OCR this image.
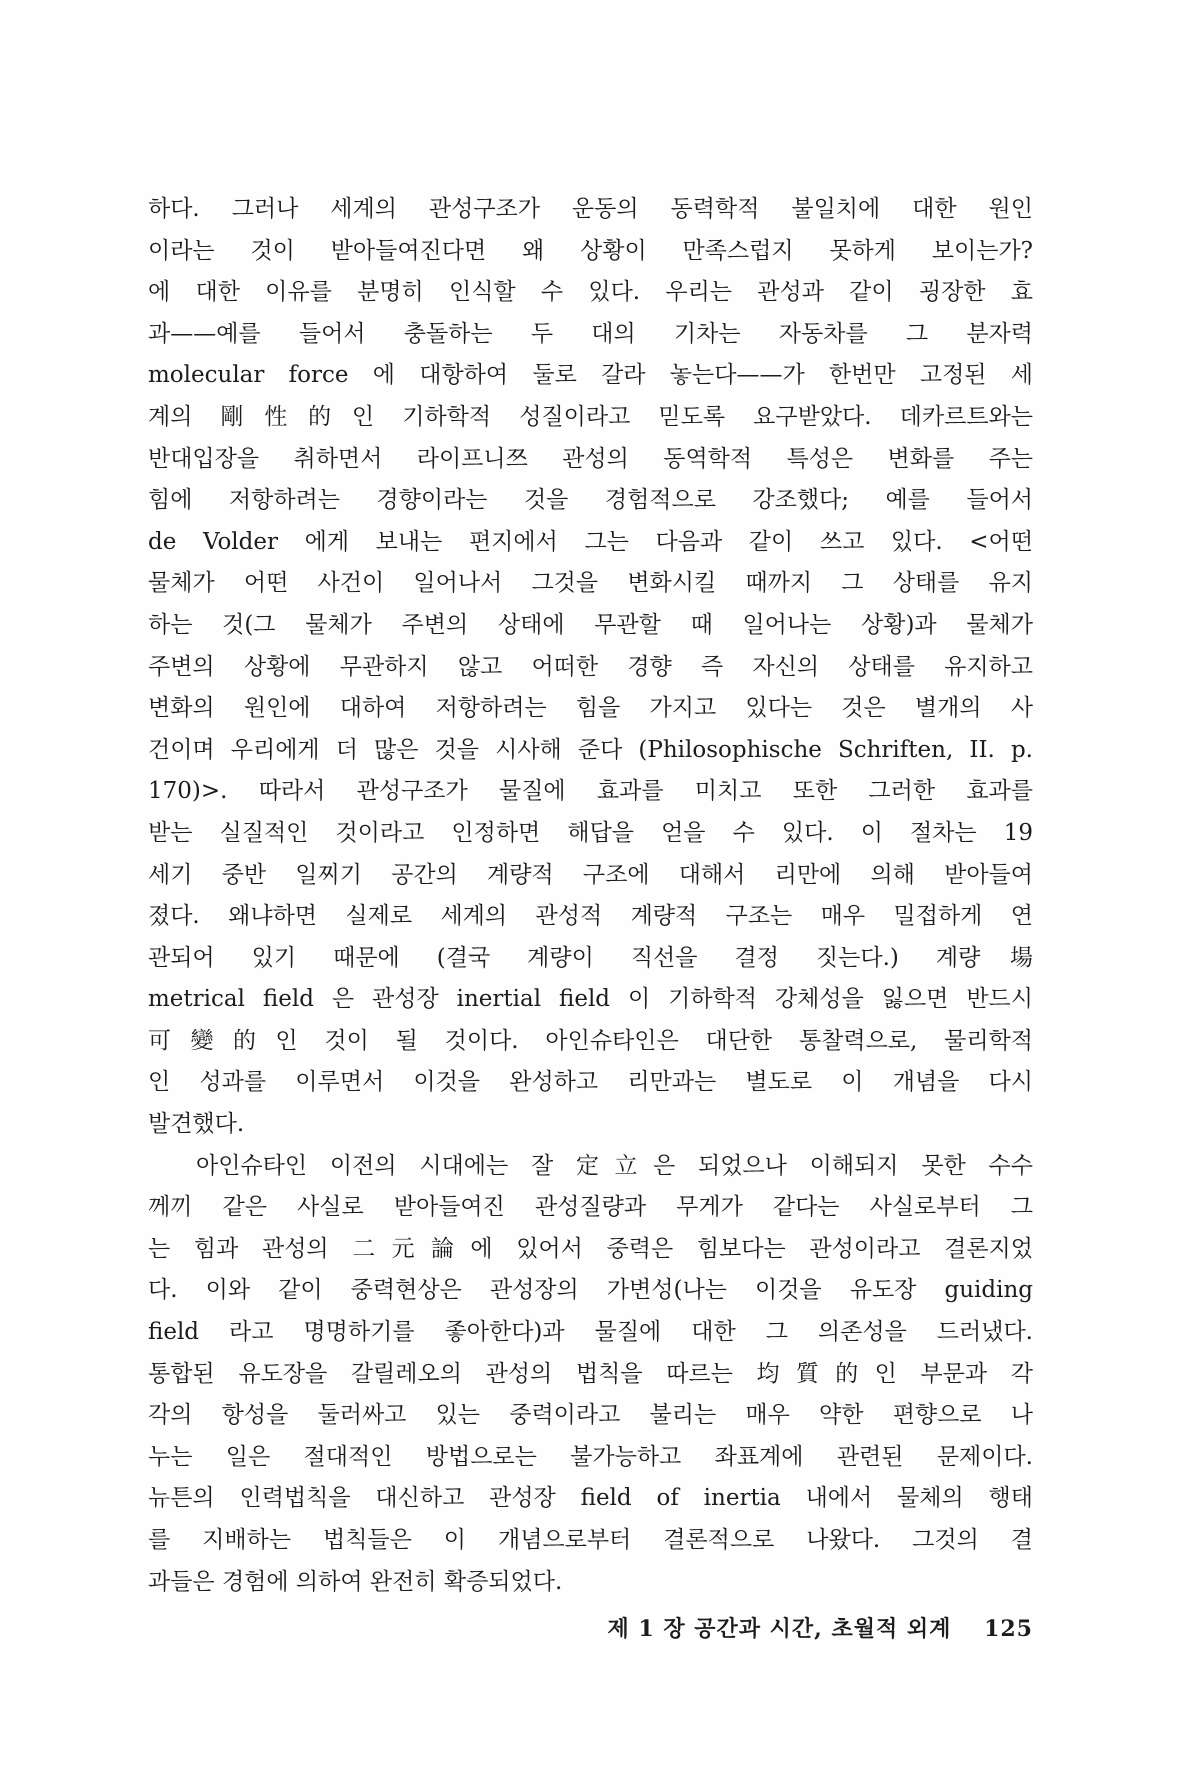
하다. 그러나 세계의 관성구조가 운동의 동력학적 불일치에 대한 원인
이라는 것이 받아들여진다면 왜 상황이 만족스럽지 못하게 보이는가?
에 대한 이유를 분명히 인식할 수 있다. 우리는 관성과 같이 굉장한 효
과——예를 들어서 충돌하는 두 대의 기차는 자동차를 그 분자력
molecular force 에 대항하여 둘로 갈라 놓는다——가 한번만 고정된 세
계의 剛性的인 기하학적 성질이라고 믿도록 요구받았다. 데카르트와는
반대입장을 취하면서 라이프니쯔 관성의 동역학적 특성은 변화를 주는
힘에 저항하려는 경향이라는 것을 경험적으로 강조했다; 예를 들어서
de Volder 에게 보내는 편지에서 그는 다음과 같이 쓰고 있다. <어떤
물체가 어떤 사건이 일어나서 그것을 변화시킬 때까지 그 상태를 유지
하는 것(그 물체가 주변의 상태에 무관할 때 일어나는 상황)과 물체가
주변의 상황에 무관하지 않고 어떠한 경향 즉 자신의 상태를 유지하고
변화의 원인에 대하여 저항하려는 힘을 가지고 있다는 것은 별개의 사
건이며 우리에게 더 많은 것을 시사해 준다 (Philosophische Schriften, II. p.
170)>. 따라서 관성구조가 물질에 효과를 미치고 또한 그러한 효과를
받는 실질적인 것이라고 인정하면 해답을 얻을 수 있다. 이 절차는 19
세기 중반 일찌기 공간의 계량적 구조에 대해서 리만에 의해 받아들여
졌다. 왜냐하면 실제로 세계의 관성적 계량적 구조는 매우 밀접하게 연
관되어 있기 때문에 (결국 계량이 직선을 결정 짓는다.) 계량場
metrical field 은 관성장 inertial field 이 기하학적 강체성을 잃으면 반드시
可變的인 것이 될 것이다. 아인슈타인은 대단한 통찰력으로, 물리학적
인 성과를 이루면서 이것을 완성하고 리만과는 별도로 이 개념을 다시
발견했다.
아인슈타인 이전의 시대에는 잘 定立은 되었으나 이해되지 못한 수수
께끼 같은 사실로 받아들여진 관성질량과 무게가 같다는 사실로부터 그
는 힘과 관성의 二元論에 있어서 중력은 힘보다는 관성이라고 결론지었
다. 이와 같이 중력현상은 관성장의 가변성(나는 이것을 유도장 guiding
field 라고 명명하기를 좋아한다)과 물질에 대한 그 의존성을 드러냈다.
통합된 유도장을 갈릴레오의 관성의 법칙을 따르는 均質的인 부문과 각
각의 항성을 둘러싸고 있는 중력이라고 불리는 매우 약한 편향으로 나
누는 일은 절대적인 방법으로는 불가능하고 좌표계에 관련된 문제이다.
뉴튼의 인력법칙을 대신하고 관성장 field of inertia 내에서 물체의 행태
를 지배하는 법칙들은 이 개념으로부터 결론적으로 나왔다. 그것의 결
과들은 경험에 의하여 완전히 확증되었다.
제 1 장 공간과 시간, 초월적 외계 125
